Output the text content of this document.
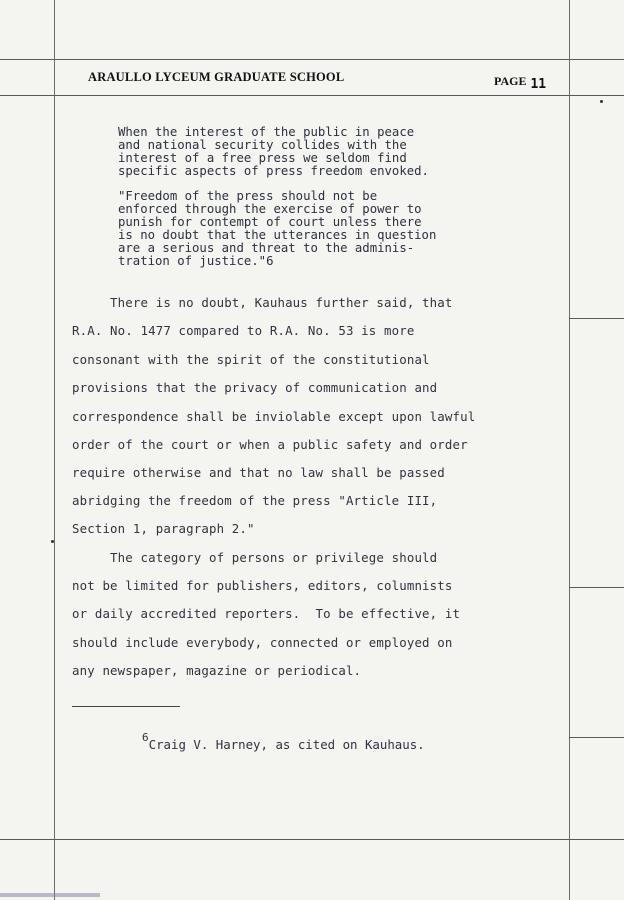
ARAULLO LYCEUM GRADUATE SCHOOL	PAGE 11
When the interest of the public in peace
and national security collides with the
interest of a free press we seldom find
specific aspects of press freedom envoked.
"Freedom of the press should not be
enforced through the exercise of power to
punish for contempt of court unless there
is no doubt that the utterances in question
are a serious and threat to the adminis-
tration of justice."6
There is no doubt, Kauhaus further said, that
R.A. No. 1477 compared to R.A. No. 53 is more
consonant with the spirit of the constitutional
provisions that the privacy of communication and
correspondence shall be inviolable except upon lawful
order of the court or when a public safety and order
require otherwise and that no law shall be passed
abridging the freedom of the press "Article III,
Section 1, paragraph 2."
The category of persons or privilege should
not be limited for publishers, editors, columnists
or daily accredited reporters.  To be effective, it
should include everybody, connected or employed on
any newspaper, magazine or periodical.
$^6$Craig V. Harney, as cited on Kauhaus.
